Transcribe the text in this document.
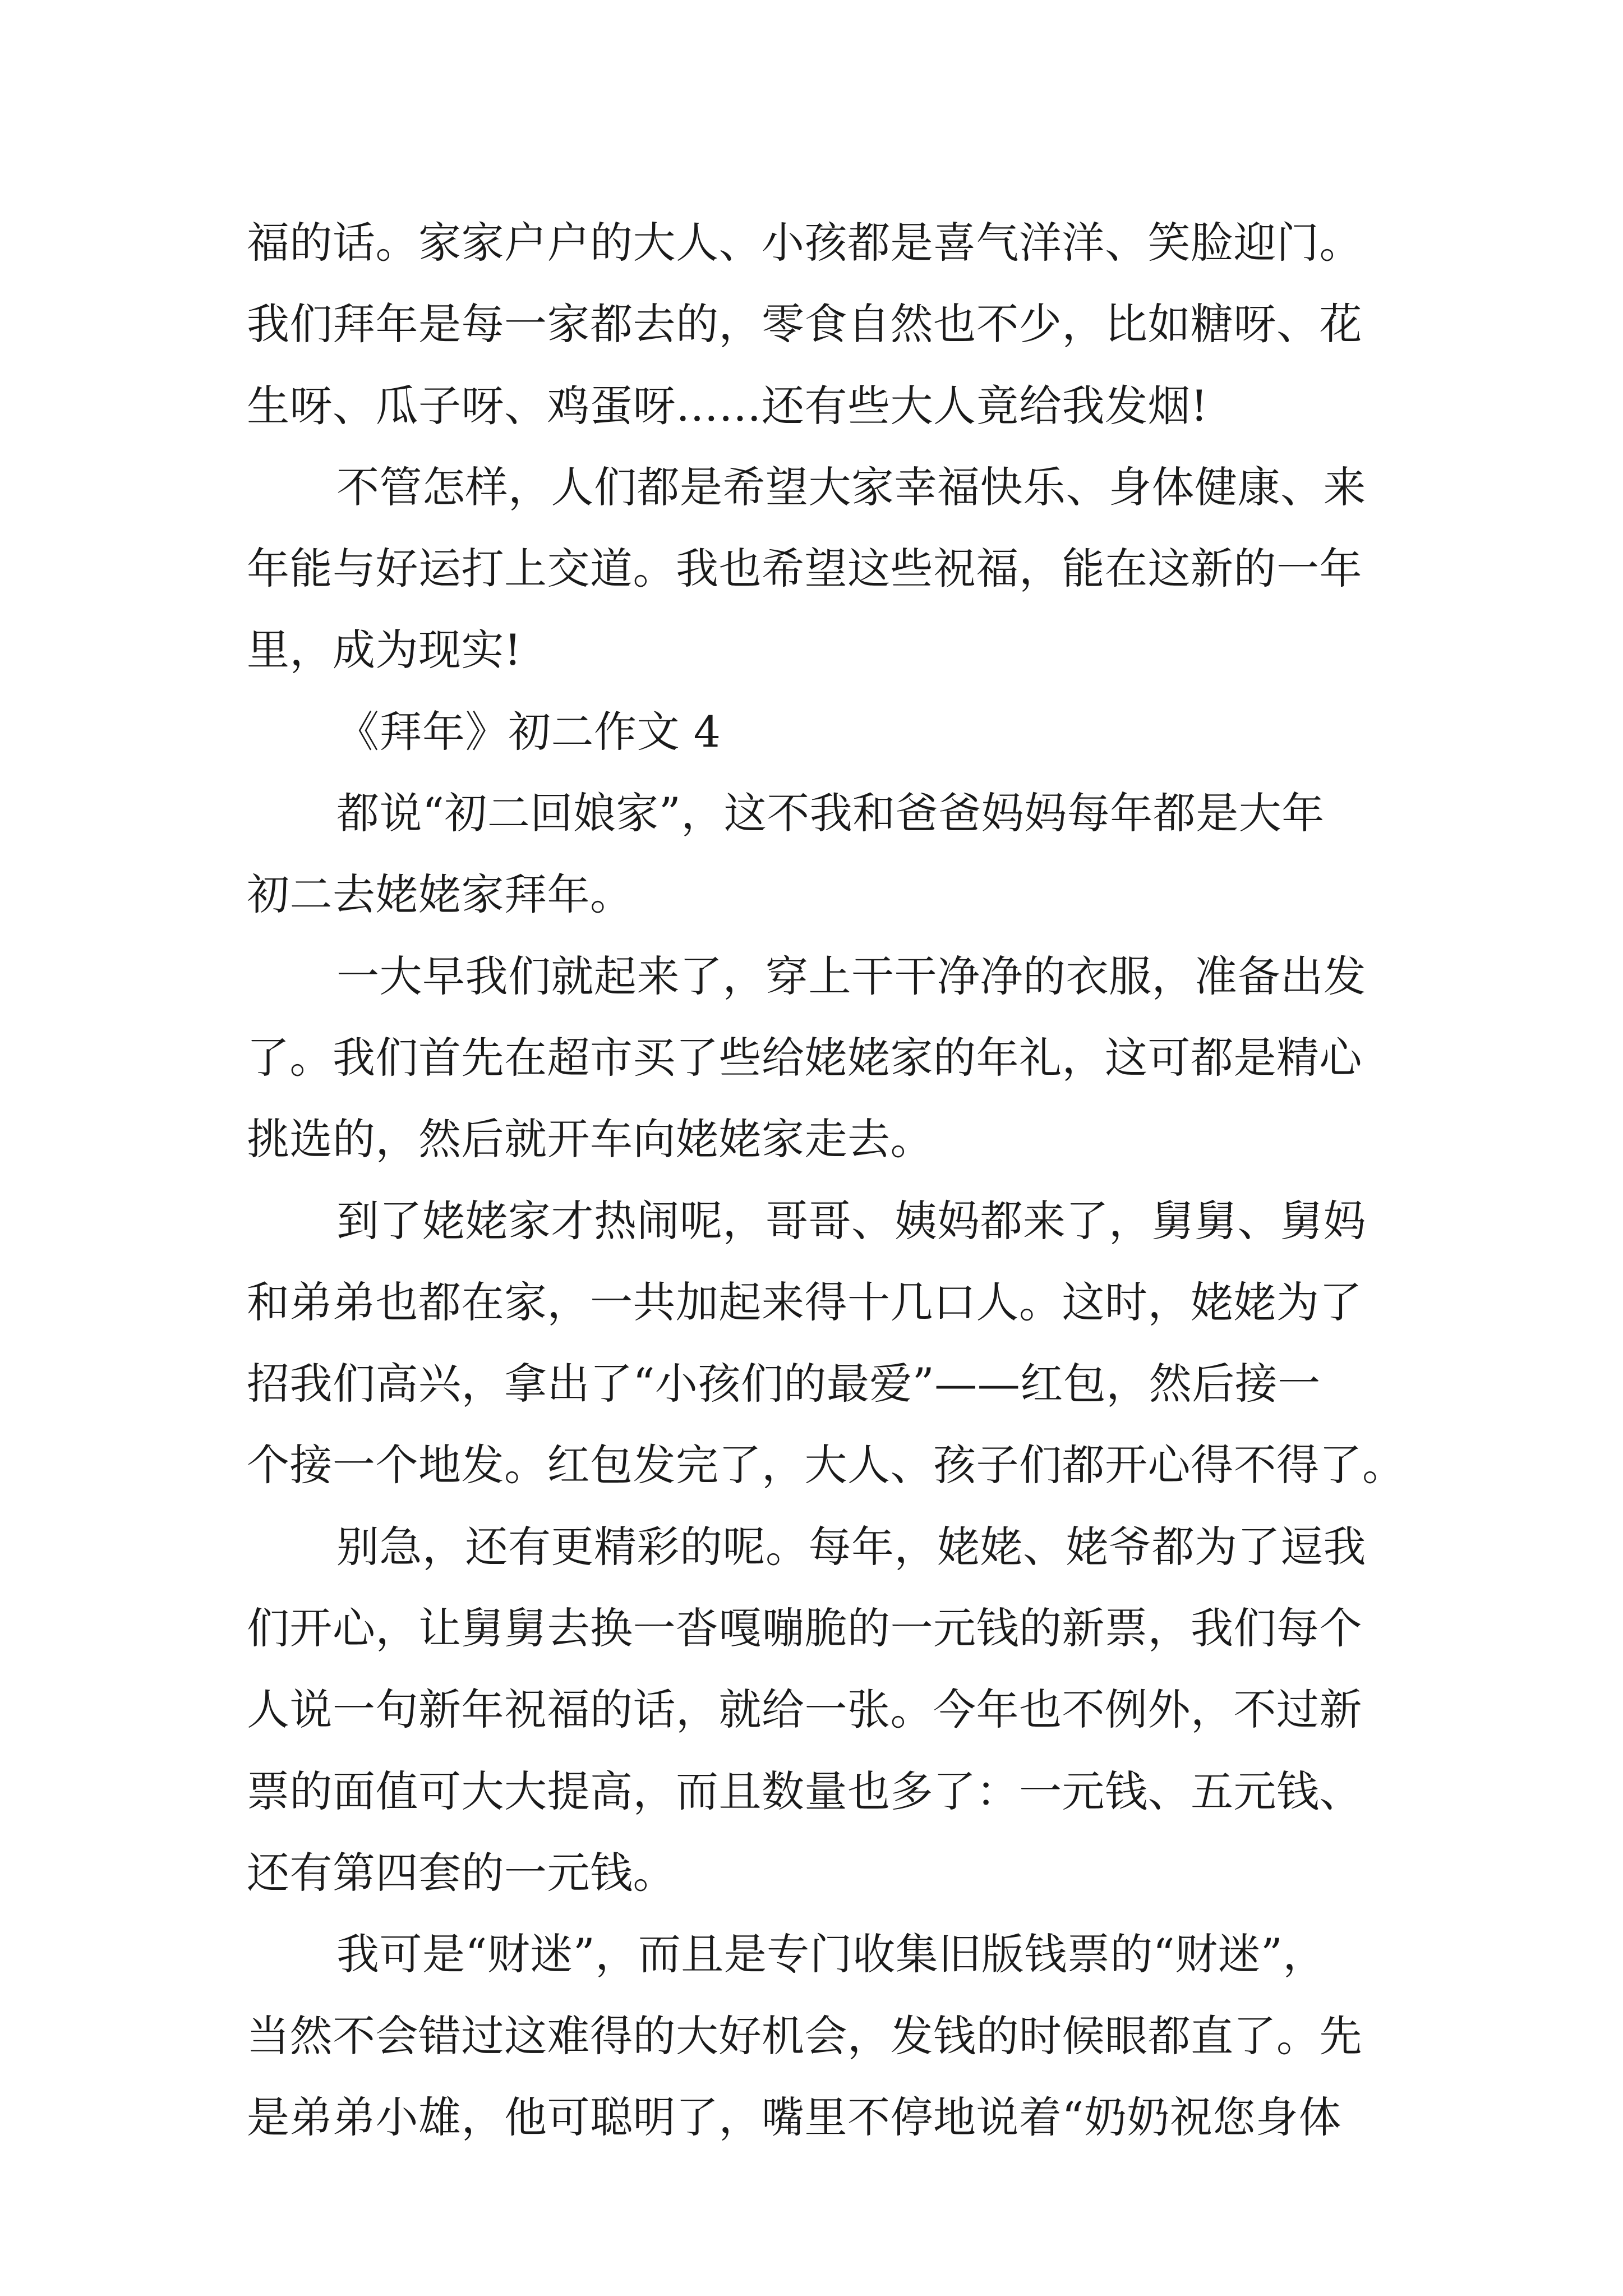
福的话。家家户户的大人、小孩都是喜气洋洋、笑脸迎门。
我们拜年是每一家都去的，零食自然也不少，比如糖呀、花
生呀、瓜子呀、鸡蛋呀……还有些大人竟给我发烟!
不管怎样，人们都是希望大家幸福快乐、身体健康、来
年能与好运打上交道。我也希望这些祝福，能在这新的一年
里，成为现实!
《拜年》初二作文 4
都说“初二回娘家”，这不我和爸爸妈妈每年都是大年
初二去姥姥家拜年。
一大早我们就起来了，穿上干干净净的衣服，准备出发
了。我们首先在超市买了些给姥姥家的年礼，这可都是精心
挑选的，然后就开车向姥姥家走去。
到了姥姥家才热闹呢，哥哥、姨妈都来了，舅舅、舅妈
和弟弟也都在家，一共加起来得十几口人。这时，姥姥为了
招我们高兴，拿出了“小孩们的最爱”——红包，然后接一
个接一个地发。红包发完了，大人、孩子们都开心得不得了。
别急，还有更精彩的呢。每年，姥姥、姥爷都为了逗我
们开心，让舅舅去换一沓嘎嘣脆的一元钱的新票，我们每个
人说一句新年祝福的话，就给一张。今年也不例外，不过新
票的面值可大大提高，而且数量也多了：一元钱、五元钱、
还有第四套的一元钱。
我可是“财迷”，而且是专门收集旧版钱票的“财迷”，
当然不会错过这难得的大好机会，发钱的时候眼都直了。先
是弟弟小雄，他可聪明了，嘴里不停地说着“奶奶祝您身体
